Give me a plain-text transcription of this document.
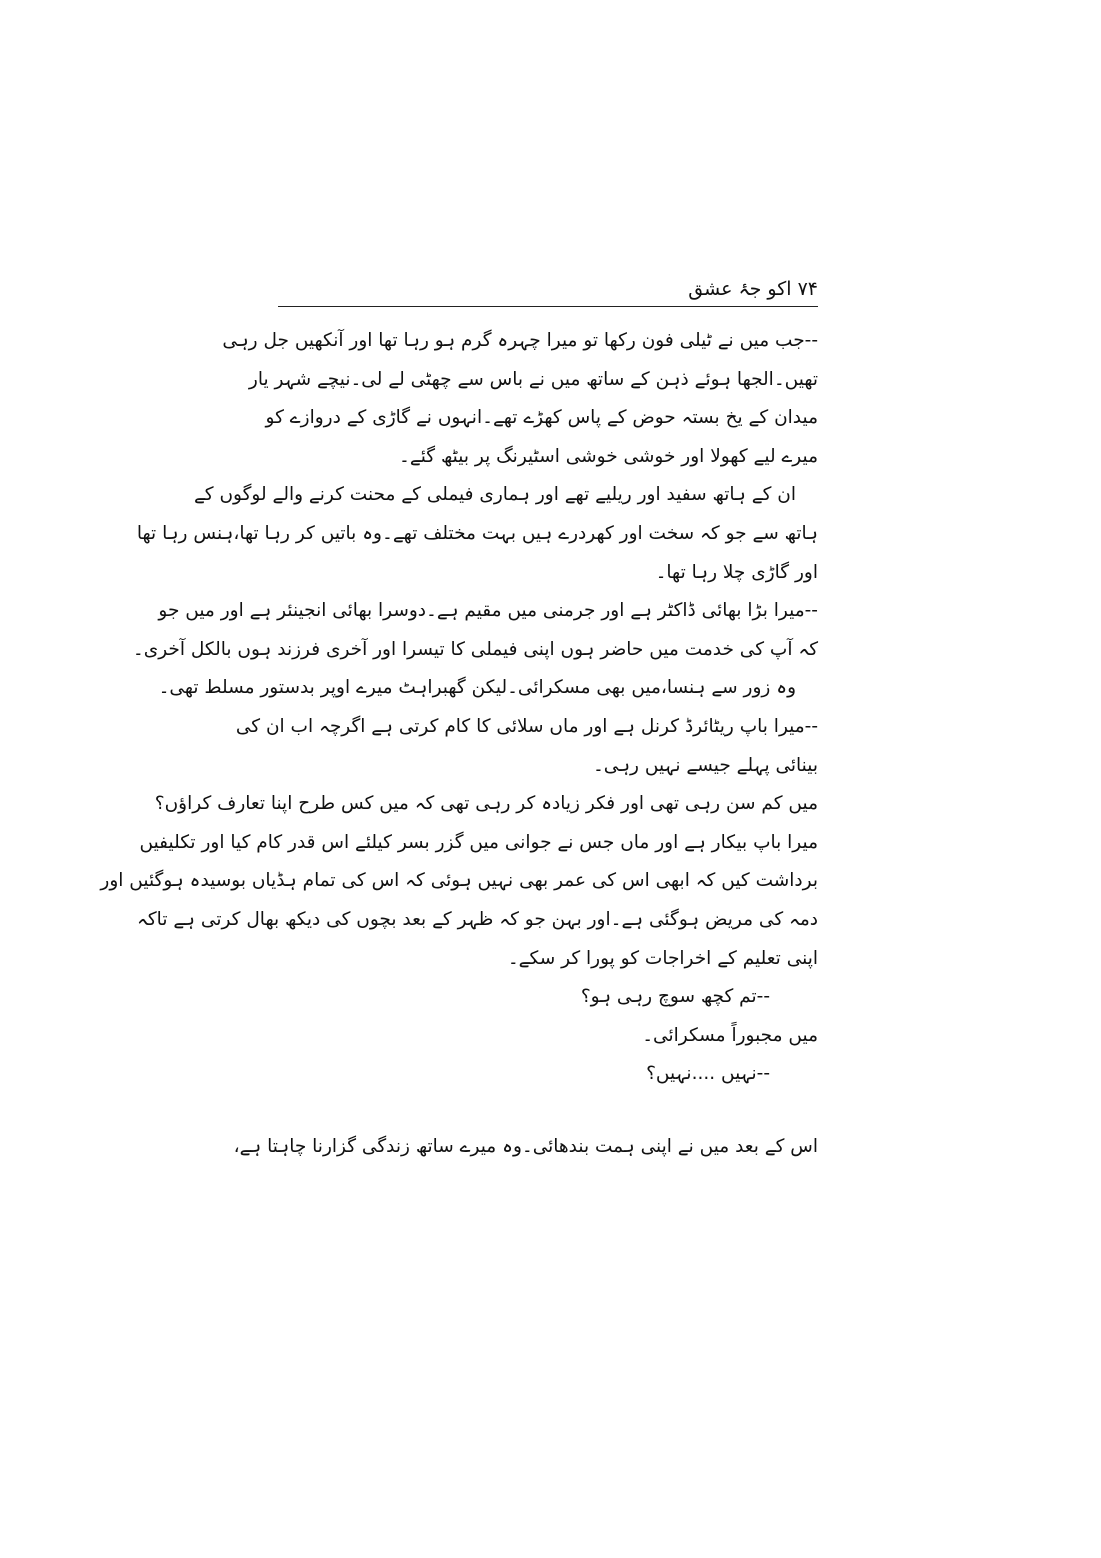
۷۴ اکو جۂ عشق
--جب میں نے ٹیلی فون رکھا تو میرا چہرہ گرم ہو رہا تھا اور آنکھیں جل رہی
تھیں۔الجھا ہوئے ذہن کے ساتھ میں نے باس سے چھٹی لے لی۔نیچے شہر یار
میدان کے یخ بستہ حوض کے پاس کھڑے تھے۔انہوں نے گاڑی کے دروازے کو
میرے لیے کھولا اور خوشی خوشی اسٹیرنگ پر بیٹھ گئے۔
ان کے ہاتھ سفید اور ریلیے تھے اور ہماری فیملی کے محنت کرنے والے لوگوں کے
ہاتھ سے جو کہ سخت اور کھردرے ہیں بہت مختلف تھے۔وہ باتیں کر رہا تھا،ہنس رہا تھا
اور گاڑی چلا رہا تھا۔
--میرا بڑا بھائی ڈاکٹر ہے اور جرمنی میں مقیم ہے۔دوسرا بھائی انجینئر ہے اور میں جو
کہ آپ کی خدمت میں حاضر ہوں اپنی فیملی کا تیسرا اور آخری فرزند ہوں بالکل آخری۔
وہ زور سے ہنسا،میں بھی مسکرائی۔لیکن گھبراہٹ میرے اوپر بدستور مسلط تھی۔
--میرا باپ ریٹائرڈ کرنل ہے اور ماں سلائی کا کام کرتی ہے اگرچہ اب ان کی
بینائی پہلے جیسے نہیں رہی۔
میں کم سن رہی تھی اور فکر زیادہ کر رہی تھی کہ میں کس طرح اپنا تعارف کراؤں؟
میرا باپ بیکار ہے اور ماں جس نے جوانی میں گزر بسر کیلئے اس قدر کام کیا اور تکلیفیں
برداشت کیں کہ ابھی اس کی عمر بھی نہیں ہوئی کہ اس کی تمام ہڈیاں بوسیدہ ہوگئیں اور
دمہ کی مریض ہوگئی ہے۔اور بہن جو کہ ظہر کے بعد بچوں کی دیکھ بھال کرتی ہے تاکہ
اپنی تعلیم کے اخراجات کو پورا کر سکے۔
--تم کچھ سوچ رہی ہو؟
میں مجبوراً مسکرائی۔
--نہیں ....نہیں؟
اس کے بعد میں نے اپنی ہمت بندھائی۔وہ میرے ساتھ زندگی گزارنا چاہتا ہے،
